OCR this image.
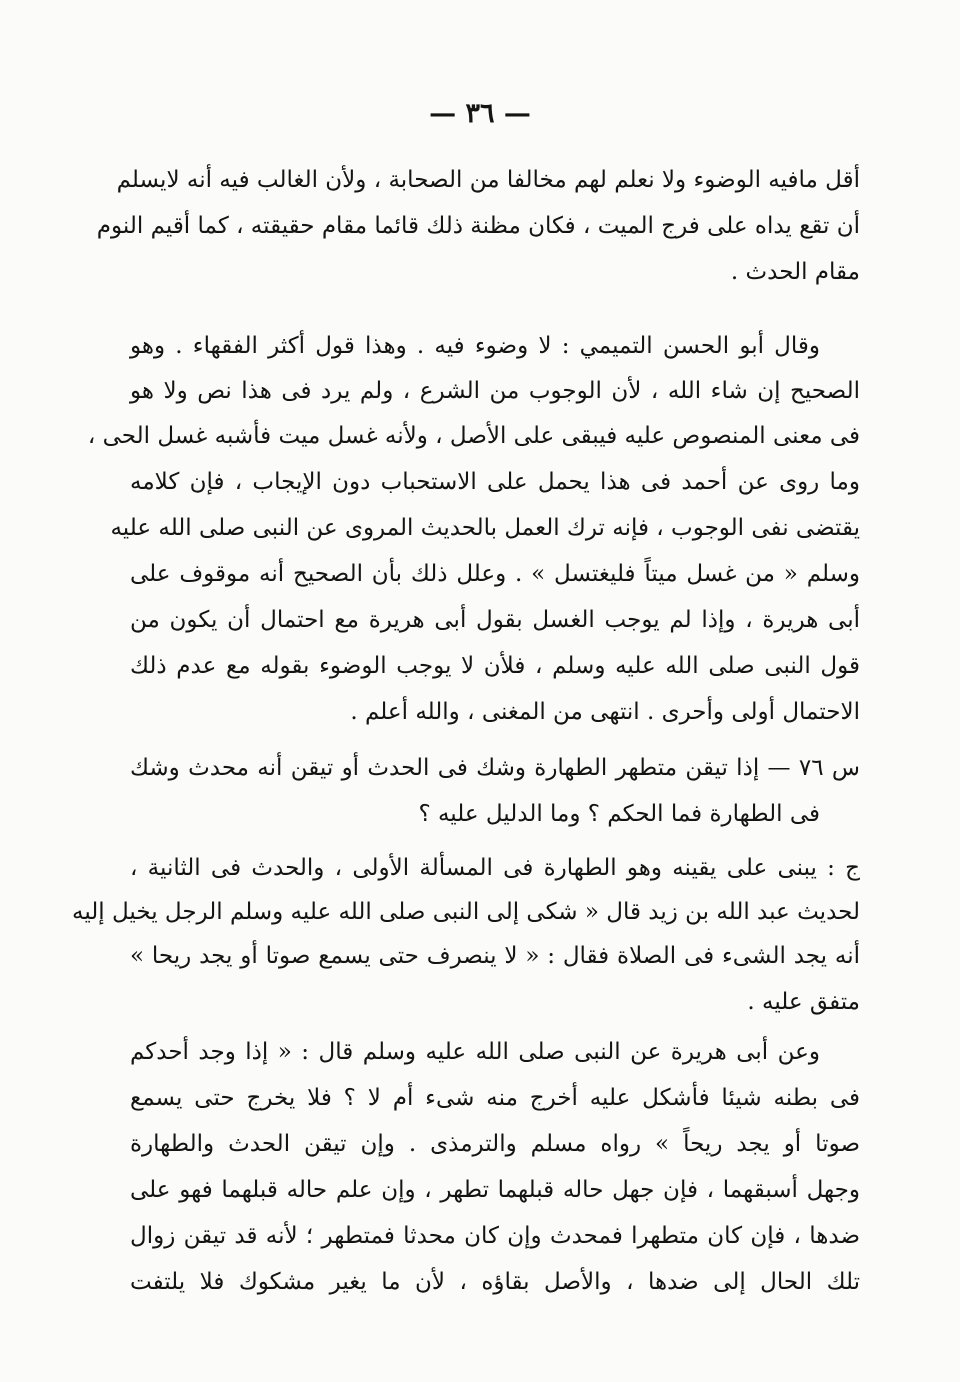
— ٣٦ —
أقل مافيه الوضوء ولا نعلم لهم مخالفا من الصحابة ، ولأن الغالب فيه أنه لايسلم
أن تقع يداه على فرج الميت ، فكان مظنة ذلك قائما مقام حقيقته ، كما أقيم النوم
مقام الحدث .
وقال أبو الحسن التميمي : لا وضوء فيه . وهذا قول أكثر الفقهاء . وهو
الصحيح إن شاء الله ، لأن الوجوب من الشرع ، ولم يرد فى هذا نص ولا هو
فى معنى المنصوص عليه فيبقى على الأصل ، ولأنه غسل ميت فأشبه غسل الحى ،
وما روى عن أحمد فى هذا يحمل على الاستحباب دون الإيجاب ، فإن كلامه
يقتضى نفى الوجوب ، فإنه ترك العمل بالحديث المروى عن النبى صلى الله عليه
وسلم « من غسل ميتاً فليغتسل » . وعلل ذلك بأن الصحيح أنه موقوف على
أبى هريرة ، وإذا لم يوجب الغسل بقول أبى هريرة مع احتمال أن يكون من
قول النبى صلى الله عليه وسلم ، فلأن لا يوجب الوضوء بقوله مع عدم ذلك
الاحتمال أولى وأحرى . انتهى من المغنى ، والله أعلم .
س ٧٦ — إذا تيقن متطهر الطهارة وشك فى الحدث أو تيقن أنه محدث وشك
فى الطهارة فما الحكم ؟ وما الدليل عليه ؟
ج : يبنى على يقينه وهو الطهارة فى المسألة الأولى ، والحدث فى الثانية ،
لحديث عبد الله بن زيد قال « شكى إلى النبى صلى الله عليه وسلم الرجل يخيل إليه
أنه يجد الشىء فى الصلاة فقال : « لا ينصرف حتى يسمع صوتا أو يجد ريحا »
متفق عليه .
وعن أبى هريرة عن النبى صلى الله عليه وسلم قال : « إذا وجد أحدكم
فى بطنه شيئا فأشكل عليه أخرج منه شىء أم لا ؟ فلا يخرج حتى يسمع
صوتا أو يجد ريحاً » رواه مسلم والترمذى . وإن تيقن الحدث والطهارة
وجهل أسبقهما ، فإن جهل حاله قبلهما تطهر ، وإن علم حاله قبلهما فهو على
ضدها ، فإن كان متطهرا فمحدث وإن كان محدثا فمتطهر ؛ لأنه قد تيقن زوال
تلك الحال إلى ضدها ، والأصل بقاؤه ، لأن ما يغير مشكوك فلا يلتفت
